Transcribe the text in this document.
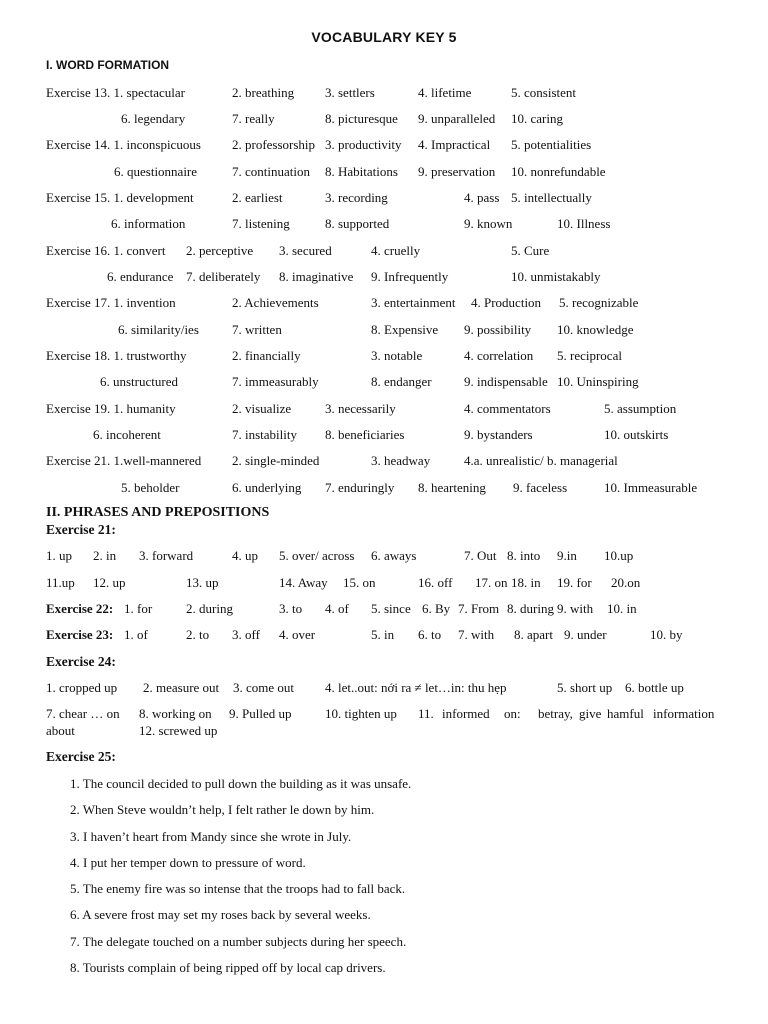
VOCABULARY KEY 5
I. WORD FORMATION
Exercise 13. 1. spectacular	2. breathing 3. settlers	4. lifetime	5. consistent
6. legendary	7. really	8. picturesque 9. unparalleled 10. caring
Exercise 14. 1. inconspicuous 2. professorship 3. productivity 4. Impractical 5. potentialities
6. questionnaire	7. continuation 8. Habitations 9. preservation 10. nonrefundable
Exercise 15. 1. development	2. earliest	3. recording	4. pass 5. intellectually
6. information	7. listening	8. supported	9. known	10. Illness
Exercise 16. 1. convert 2. perceptive 3. secured	4. cruelly	5. Cure
6. endurance 7. deliberately 8. imaginative 9. Infrequently	10. unmistakably
Exercise 17. 1. invention	2. Achievements	3. entertainment 4. Production 5. recognizable
6. similarity/ies	7. written	8. Expensive 9. possibility 10. knowledge
Exercise 18. 1. trustworthy	2. financially	3. notable	4. correlation 5. reciprocal
6. unstructured	7. immeasurably	8. endanger 9. indispensable 10. Uninspiring
Exercise 19. 1. humanity	2. visualize	3. necessarily	4. commentators	5. assumption
6. incoherent	7. instability 8. beneficiaries	9. bystanders	10. outskirts
Exercise 21. 1.well-mannered 2. single-minded	3. headway	4.a. unrealistic/ b. managerial
5. beholder	6. underlying 7. enduringly 8. heartening 9. faceless	10. Immeasurable
II. PHRASES AND PREPOSITIONS
Exercise 21:
1. up 2. in 3. forward	4. up 5. over/ across 6. aways	7. Out 8. into 9.in 10.up
11.up 12. up	13. up	14. Away 15. on	16. off 17. on 18. in 19. for 20.on
Exercise 22: 1. for	2. during	3. to 4. of 5. since 6. By 7. From 8. during 9. with 10. in
Exercise 23: 1. of	2. to 3. off 4. over	5. in 6. to 7. with 8. apart 9. under	10. by
Exercise 24:
1. cropped up 2. measure out 3. come out 4. let..out: nới ra ≠ let…in: thu hẹp	5. short up 6. bottle up
7. chear … on 8. working on 9. Pulled up	10. tighten up 11. informed on: betray, give hamful information
about	12. screwed up
Exercise 25:
1. The council decided to pull down the building as it was unsafe.
2. When Steve wouldn’t help, I felt rather le down by him.
3. I haven’t heart from Mandy since she wrote in July.
4. I put her temper down to pressure of word.
5. The enemy fire was so intense that the troops had to fall back.
6. A severe frost may set my roses back by several weeks.
7. The delegate touched on a number subjects during her speech.
8. Tourists complain of being ripped off by local cap drivers.
